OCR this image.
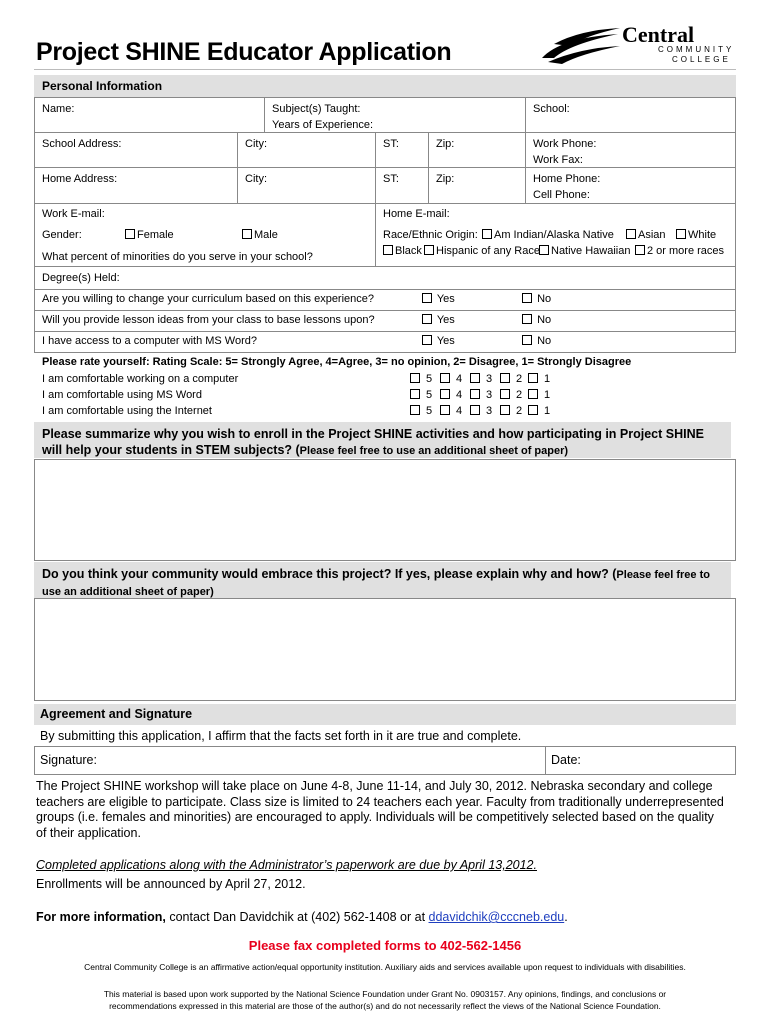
Project SHINE Educator Application
Central
COMMUNITY
COLLEGE
Personal Information
Name:	Subject(s) Taught:
Years of Experience:
School:
School Address:	City:	ST:	Zip:	Work Phone:
Work Fax:
Home Address:	City:	ST:	Zip:	Home Phone:
Cell Phone:
Work E-mail:	Home E-mail:
Gender:	Female	Male
What percent of minorities do you serve in your school?
Race/Ethnic Origin:	Am Indian/Alaska Native	Asian	White
Black	Hispanic of any Race	Native Hawaiian	2 or more races
Degree(s) Held:
Are you willing to change your curriculum based on this experience?	Yes	No
Will you provide lesson ideas from your class to base lessons upon?	Yes	No
I have access to a computer with MS Word?	Yes	No
Please rate yourself: Rating Scale: 5= Strongly Agree, 4=Agree, 3= no opinion, 2= Disagree, 1= Strongly Disagree
I am comfortable working on a computer	5	4	3	2	1
I am comfortable using MS Word	5	4	3	2	1
I am comfortable using the Internet	5	4	3	2	1
Please summarize why you wish to enroll in the Project SHINE activities and how participating in Project SHINE will help your students in STEM subjects? (Please feel free to use an additional sheet of paper)
Do you think your community would embrace this project? If yes, please explain why and how? (Please feel free to use an additional sheet of paper)
Agreement and Signature
By submitting this application, I affirm that the facts set forth in it are true and complete.
Signature:	Date:
The Project SHINE workshop will take place on June 4-8, June 11-14, and July 30, 2012. Nebraska secondary and college teachers are eligible to participate. Class size is limited to 24 teachers each year. Faculty from traditionally underrepresented groups (i.e. females and minorities) are encouraged to apply. Individuals will be competitively selected based on the quality of their application.
Completed applications along with the Administrator’s paperwork are due by April 13,2012.
Enrollments will be announced by April 27, 2012.
For more information, contact Dan Davidchik at (402) 562-1408 or at ddavidchik@cccneb.edu.
Please fax completed forms to 402-562-1456
Central Community College is an affirmative action/equal opportunity institution. Auxiliary aids and services available upon request to individuals with disabilities.
This material is based upon work supported by the National Science Foundation under Grant No. 0903157. Any opinions, findings, and conclusions or recommendations expressed in this material are those of the author(s) and do not necessarily reflect the views of the National Science Foundation.
